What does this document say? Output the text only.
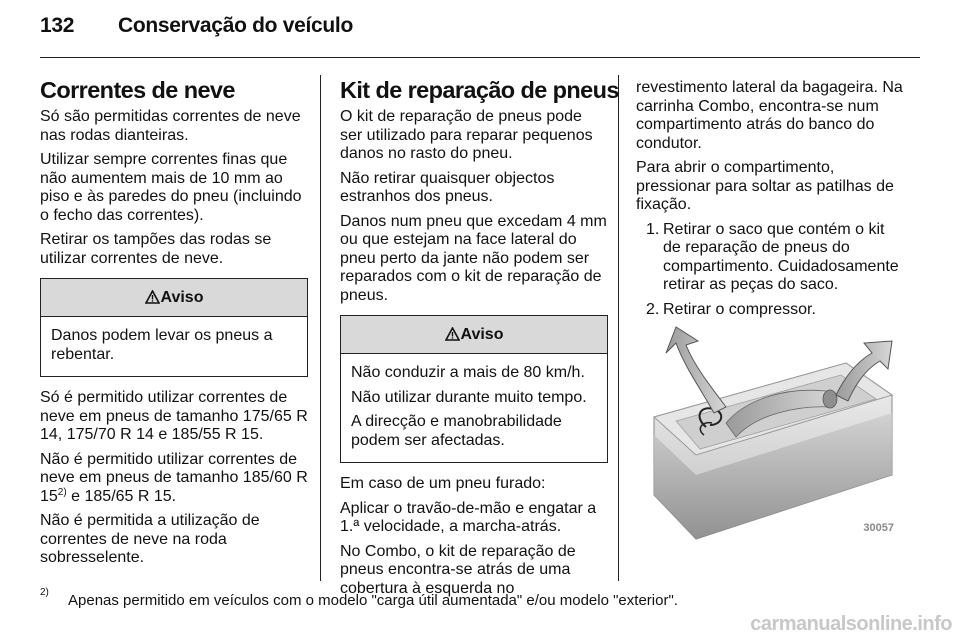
132 Conservação do veículo
Correntes de neve

Só são permitidas correntes de neve nas rodas dianteiras.

Utilizar sempre correntes finas que não aumentem mais de 10 mm ao piso e às paredes do pneu (incluindo o fecho das correntes).

Retirar os tampões das rodas se utilizar correntes de neve.

Aviso

Danos podem levar os pneus a rebentar.

Só é permitido utilizar correntes de neve em pneus de tamanho 175/65 R 14, 175/70 R 14 e 185/55 R 15.

Não é permitido utilizar correntes de neve em pneus de tamanho 185/60 R 15$^{2)}$ e 185/65 R 15.

Não é permitida a utilização de correntes de neve na roda sobresselente.

Kit de reparação de pneus

O kit de reparação de pneus pode ser utilizado para reparar pequenos danos no rasto do pneu.

Não retirar quaisquer objectos estranhos dos pneus.

Danos num pneu que excedam 4 mm ou que estejam na face lateral do pneu perto da jante não podem ser reparados com o kit de reparação de pneus.

Aviso

Não conduzir a mais de 80 km/h.

Não utilizar durante muito tempo.

A direcção e manobrabilidade podem ser afectadas.

Em caso de um pneu furado:

Aplicar o travão-de-mão e engatar a 1.ª velocidade, a marcha-atrás.

No Combo, o kit de reparação de pneus encontra-se atrás de uma cobertura à esquerda no

revestimento lateral da bagageira. Na carrinha Combo, encontra-se num compartimento atrás do banco do condutor.

Para abrir o compartimento, pressionar para soltar as patilhas de fixação.

1. Retirar o saco que contém o kit de reparação de pneus do compartimento. Cuidadosamente retirar as peças do saco.
2. Retirar o compressor.
30057
2) Apenas permitido em veículos com o modelo "carga útil aumentada" e/ou modelo "exterior".
carmanualsonline.info
